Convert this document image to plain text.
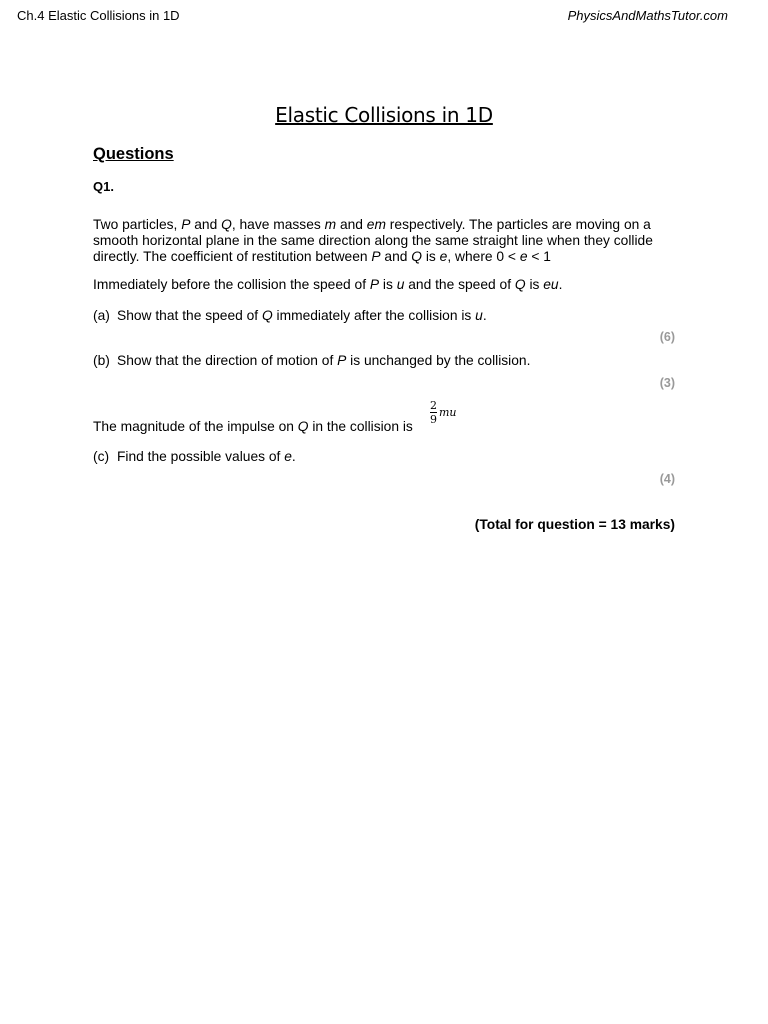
Ch.4 Elastic Collisions in 1D	PhysicsAndMathsTutor.com
Elastic Collisions in 1D
Questions
Q1.
Two particles, P and Q, have masses m and em respectively. The particles are moving on a smooth horizontal plane in the same direction along the same straight line when they collide directly. The coefficient of restitution between P and Q is e, where 0 < e < 1
Immediately before the collision the speed of P is u and the speed of Q is eu.
(a) Show that the speed of Q immediately after the collision is u.
(6)
(b) Show that the direction of motion of P is unchanged by the collision.
(3)
The magnitude of the impulse on Q in the collision is
$\frac{2}{9}$ mu
(c) Find the possible values of e.
(4)
(Total for question = 13 marks)
